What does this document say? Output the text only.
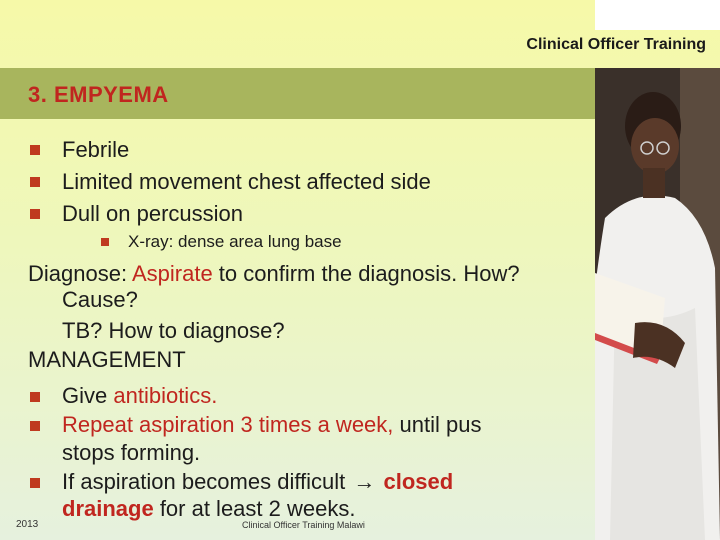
Clinical Officer Training
3. EMPYEMA
Febrile
Limited movement chest affected side
Dull on percussion
X-ray: dense area lung base
Diagnose: Aspirate to confirm the diagnosis. How?
Cause?
TB? How to diagnose?
MANAGEMENT
Give antibiotics.
Repeat aspiration 3 times a week, until pus
stops forming.
If aspiration becomes difficult → closed
drainage for at least 2 weeks.
2013	Clinical Officer Training Malawi
